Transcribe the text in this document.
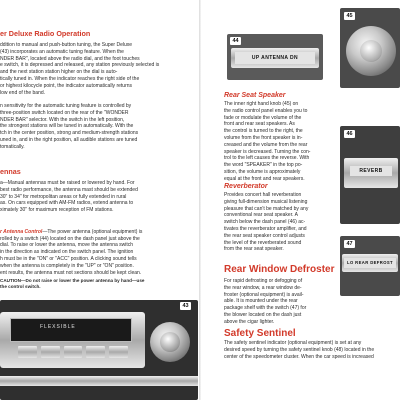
er Deluxe Radio Operation
ddition to manual and push-button tuning, the Super Deluxe
(43) incorporates an automatic tuning feature. When the
NDER BAR", located above the radio dial, and the foot touches
e switch, it is depressed and released, any station previously selected is
and the next station station higher on the dial is auto-
tically tuned in. When the indicator reaches the right side of the
or highest kilocycle point, the indicator automatically returns
low end of the band.
n sensitivity for the automatic tuning feature is controlled by
three-position switch located on the rear of the "WONDER
NDER BAR" selector. With the switch in the left position,
the strongest stations will be tuned in automatically. With the
tch in the center position, strong and medium-strength stations
uned in, and in the right position, all audible stations are tuned
tomatically.
ennas
a—Manual antennas must be raised or lowered by hand. For
best radio performance, the antenna mast should be extended
30" to 34" for metropolitan areas or fully extended in rural
as. On cars equipped with AM-FM radios, extend antenna to
ximately 30" for maximum reception of FM stations.

r Antenna Control—The power antenna (optional equipment) is
rolled by a switch (44) located on the dash panel just above the
dial. To raise or lower the antenna, move the antenna switch
in the direction as indicated on the switch panel. The ignition
h must be in the "ON" or "ACC" position. A clicking sound tells
when the antenna is completely in the "UP" or "ON" position.
ent results, the antenna must not sections should be kept clean.

CAUTION—Do not raise or lower the power antenna by hand—use
the control switch.
FLEXSIBLE
43
UP ANTENNA DN
44
45
Rear Seat Speaker
The inner right hand knob (45) on
the radio control panel enables you to
fade or modulate the volume of the
front and rear seat speakers. As
the control is turned to the right, the
volume from the front speaker is in-
creased and the volume from the rear
speaker is decreased. Turning the con-
trol to the left causes the reverse. With
the word "SPEAKER" in the top po-
sition, the volume is approximately
equal at the front and rear speakers.
Reverberator
Provides concert hall reverberation
giving full-dimension musical listening
pleasure that can't be matched by any
conventional rear seat speaker. A
switch below the dash panel (46) ac-
tivates the reverberator amplifier, and
the rear seat speaker control adjusts
the level of the reverberated sound
from the rear seat speaker.
REVERB
46
Rear Window Defroster
For rapid defrosting or defogging of
the rear window, a rear window de-
froster (optional equipment) is avail-
able. It is mounted under the rear
package shelf with the switch (47) for
the blower located on the dash just
above the cigar lighter.
LO REAR DEFROST
47
Safety Sentinel
The safety sentinel indicator (optional equipment) is set at any
desired speed by turning the safety sentinel knob (48) located in the
center of the speedometer cluster. When the car speed is increased
